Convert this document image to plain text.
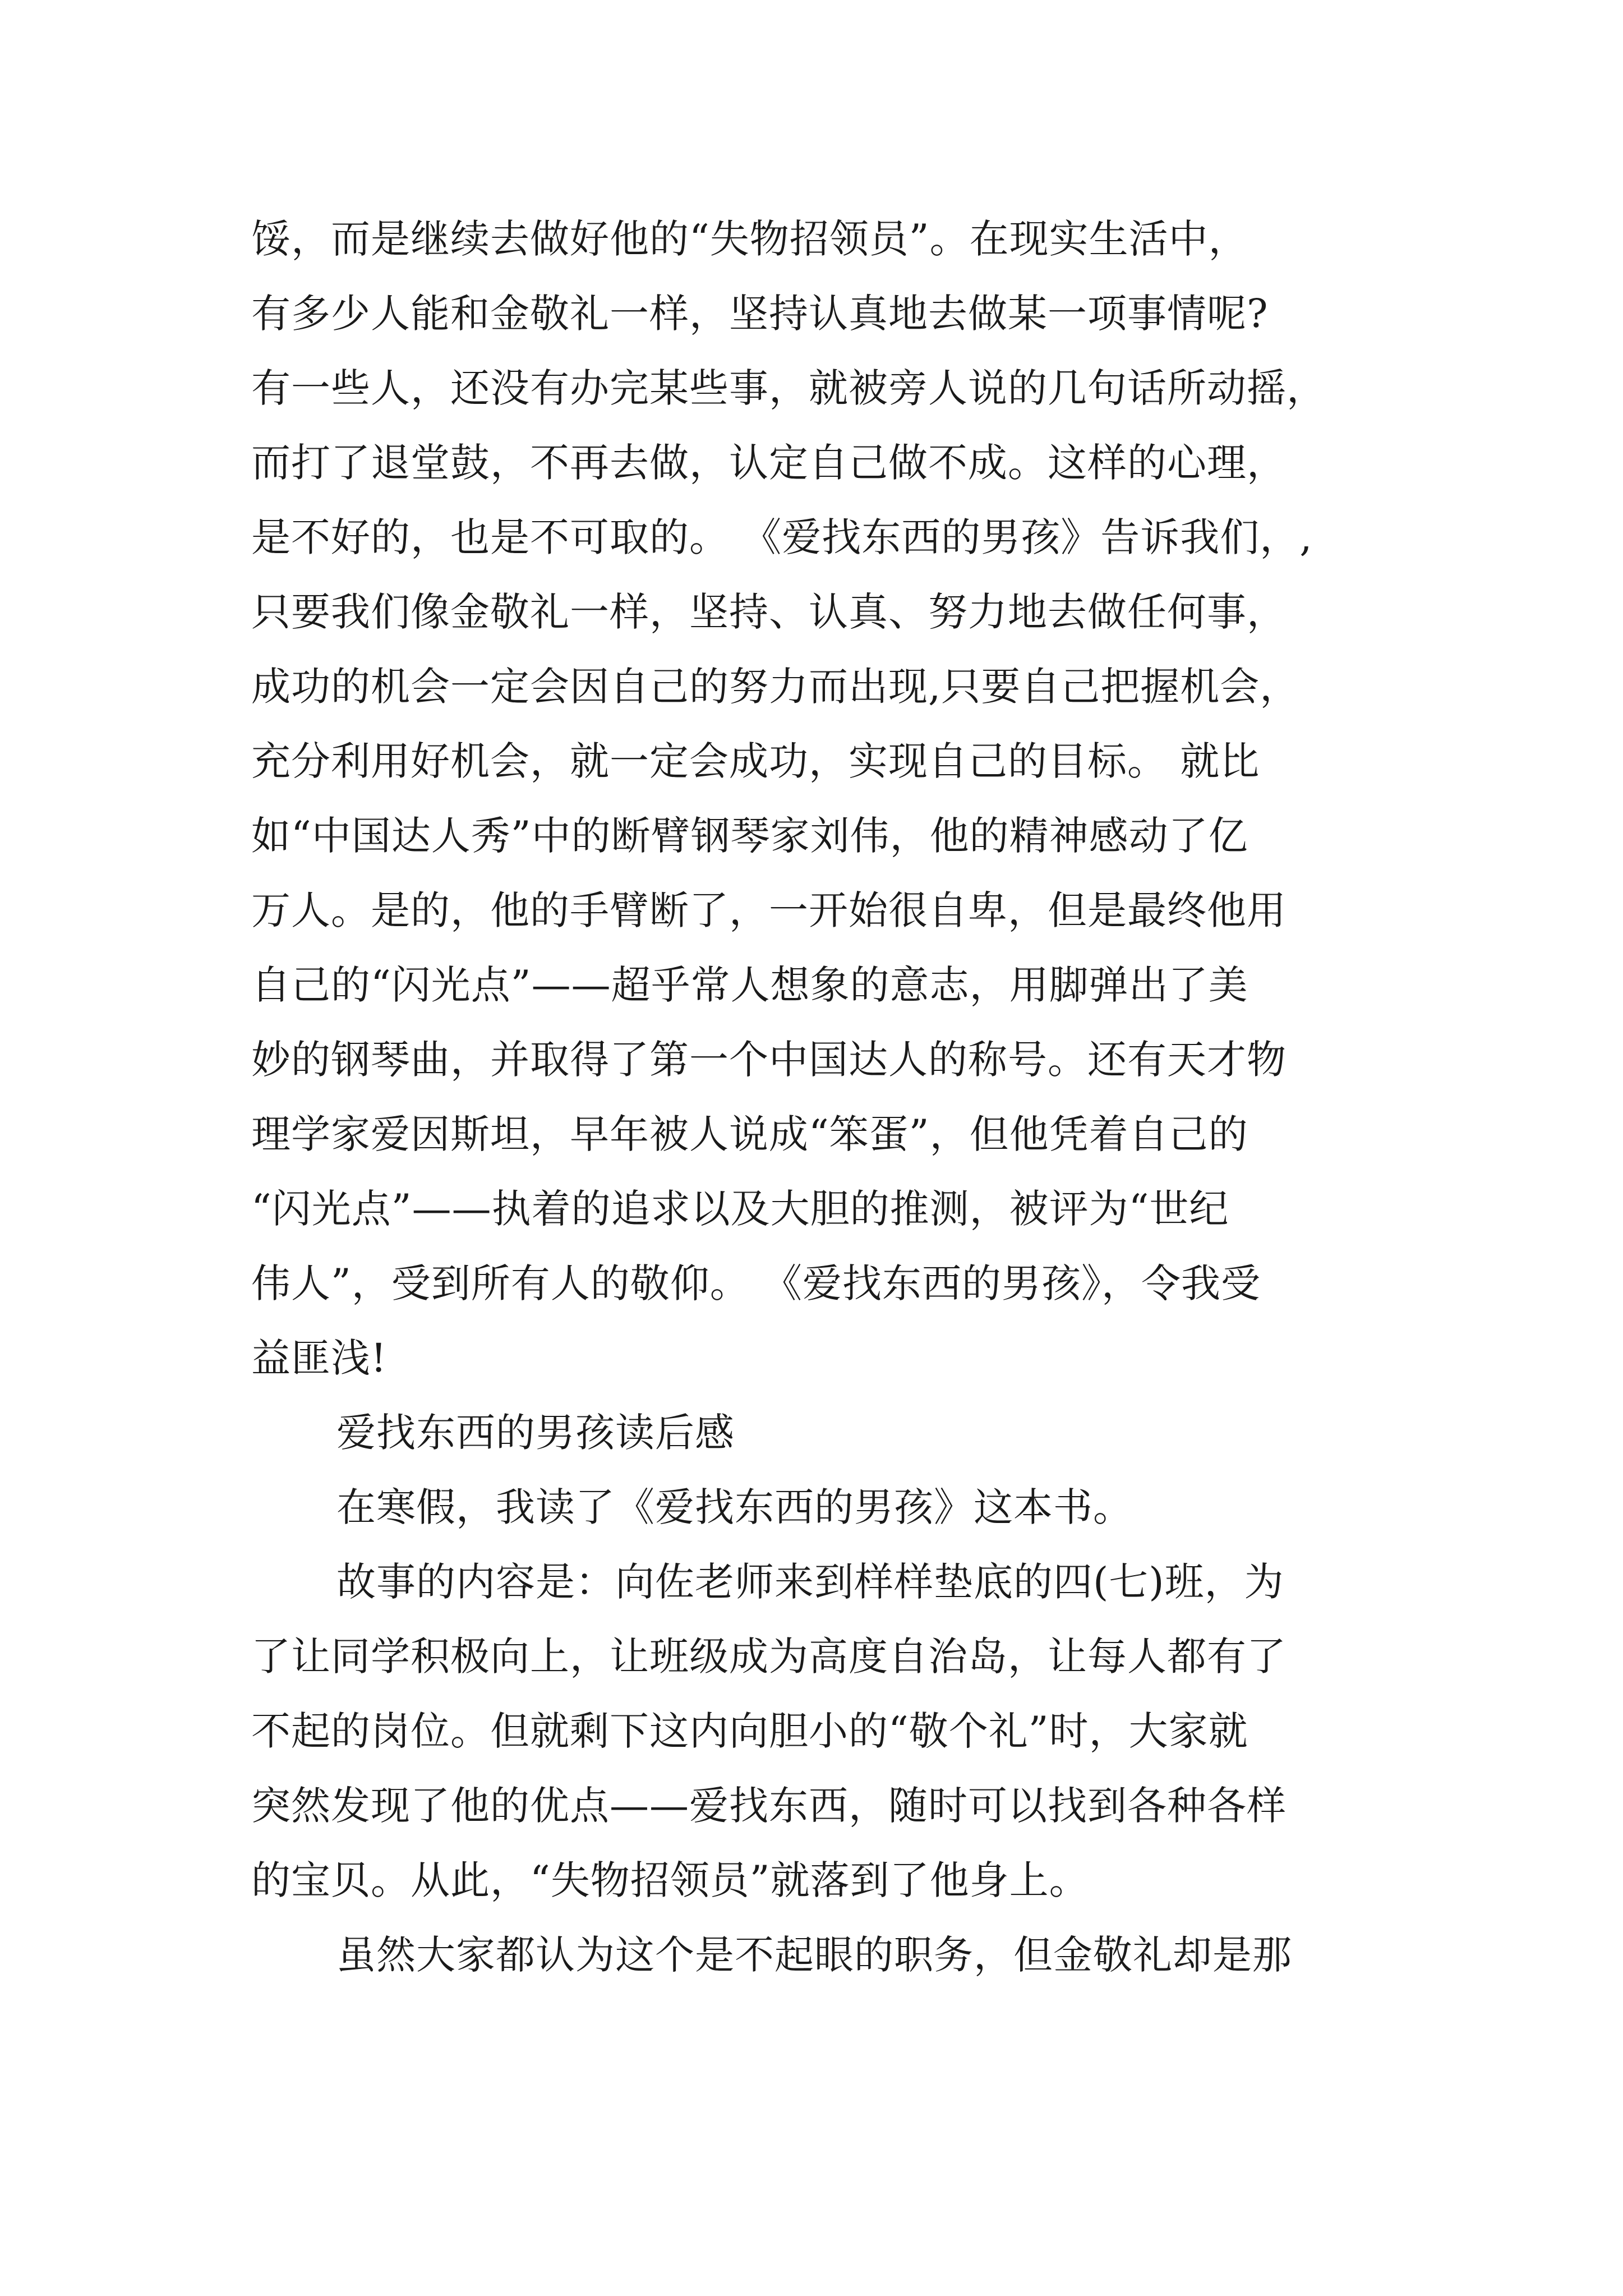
馁，而是继续去做好他的“失物招领员”。在现实生活中，
有多少人能和金敬礼一样，坚持认真地去做某一项事情呢?
有一些人，还没有办完某些事，就被旁人说的几句话所动摇，
而打了退堂鼓，不再去做，认定自己做不成。这样的心理，
是不好的，也是不可取的。 《爱找东西的男孩》告诉我们，,
只要我们像金敬礼一样，坚持、认真、努力地去做任何事，
成功的机会一定会因自己的努力而出现,只要自己把握机会，
充分利用好机会，就一定会成功，实现自己的目标。 就比
如“中国达人秀”中的断臂钢琴家刘伟，他的精神感动了亿
万人。是的，他的手臂断了，一开始很自卑，但是最终他用
自己的“闪光点”——超乎常人想象的意志，用脚弹出了美
妙的钢琴曲，并取得了第一个中国达人的称号。还有天才物
理学家爱因斯坦，早年被人说成“笨蛋”，但他凭着自己的
“闪光点”——执着的追求以及大胆的推测，被评为“世纪
伟人”，受到所有人的敬仰。 《爱找东西的男孩》，令我受
益匪浅!
爱找东西的男孩读后感
在寒假，我读了《爱找东西的男孩》这本书。
故事的内容是：向佐老师来到样样垫底的四(七)班，为
了让同学积极向上，让班级成为高度自治岛，让每人都有了
不起的岗位。但就剩下这内向胆小的“敬个礼”时，大家就
突然发现了他的优点——爱找东西，随时可以找到各种各样
的宝贝。从此，“失物招领员”就落到了他身上。
虽然大家都认为这个是不起眼的职务，但金敬礼却是那
